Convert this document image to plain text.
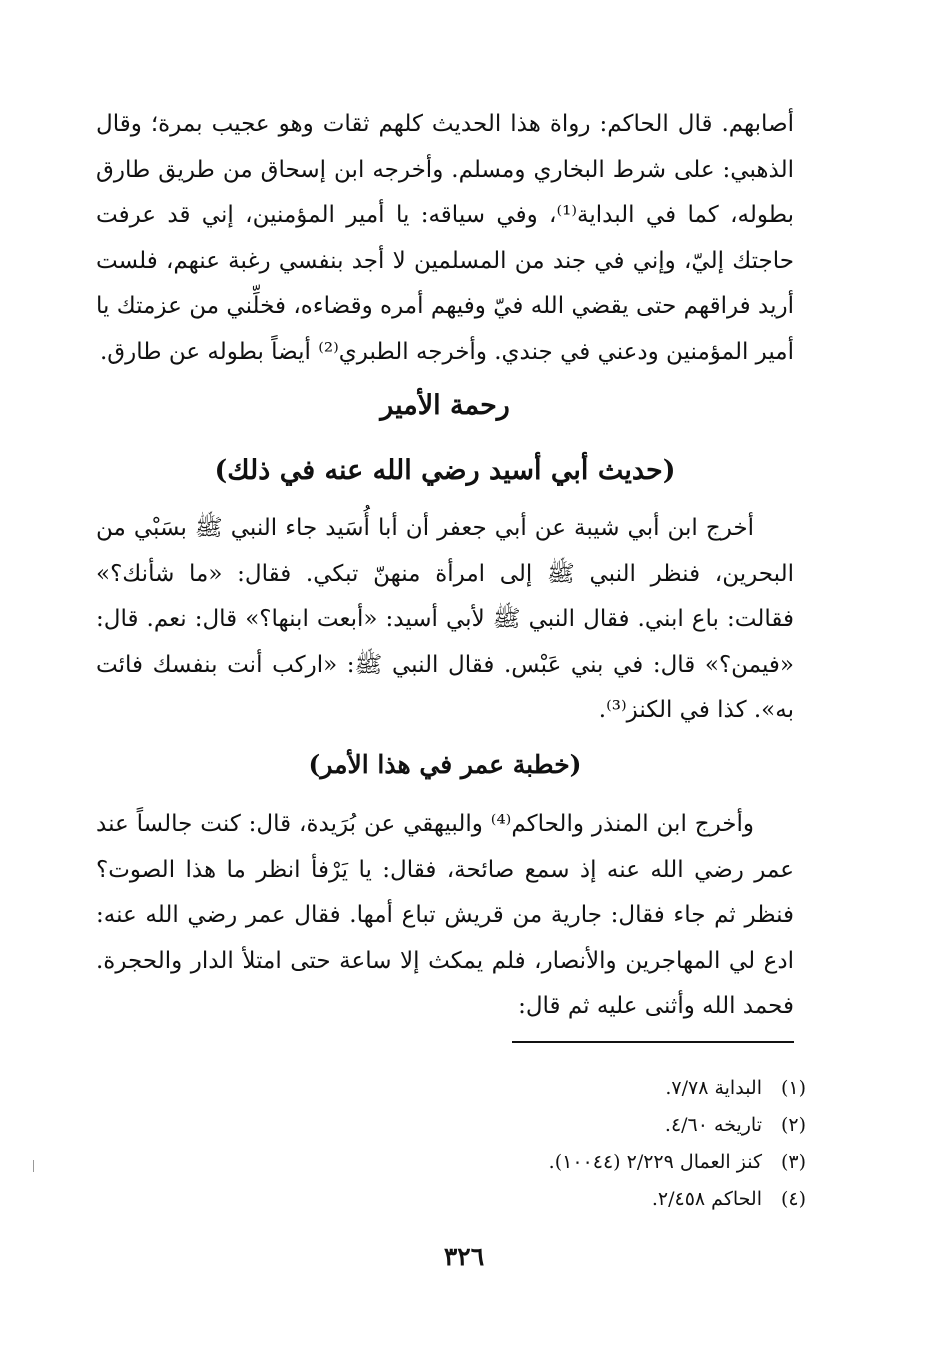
أصابهم. قال الحاكم: رواة هذا الحديث كلهم ثقات وهو عجيب بمرة؛ وقال الذهبي: على شرط البخاري ومسلم. وأخرجه ابن إسحاق من طريق طارق بطوله، كما في البداية⁽¹⁾، وفي سياقه: يا أمير المؤمنين، إني قد عرفت حاجتك إليّ، وإني في جند من المسلمين لا أجد بنفسي رغبة عنهم، فلست أريد فراقهم حتى يقضي الله فيّ وفيهم أمره وقضاءه، فخلِّني من عزمتك يا أمير المؤمنين ودعني في جندي. وأخرجه الطبري⁽²⁾ أيضاً بطوله عن طارق.

رحمة الأمير
(حديث أبي أسيد رضي الله عنه في ذلك)

أخرج ابن أبي شيبة عن أبي جعفر أن أبا أُسَيد جاء النبي ﷺ بسَبْي من البحرين، فنظر النبي ﷺ إلى امرأة منهنّ تبكي. فقال: «ما شأنك؟» فقالت: باع ابني. فقال النبي ﷺ لأبي أسيد: «أبعت ابنها؟» قال: نعم. قال: «فيمن؟» قال: في بني عَبْس. فقال النبي ﷺ: «اركب أنت بنفسك فائت به». كذا في الكنز⁽³⁾.

(خطبة عمر في هذا الأمر)

وأخرج ابن المنذر والحاكم⁽⁴⁾ والبيهقي عن بُرَيدة، قال: كنت جالساً عند عمر رضي الله عنه إذ سمع صائحة، فقال: يا يَرْفأ انظر ما هذا الصوت؟ فنظر ثم جاء فقال: جارية من قريش تباع أمها. فقال عمر رضي الله عنه: ادع لي المهاجرين والأنصار، فلم يمكث إلا ساعة حتى امتلأ الدار والحجرة. فحمد الله وأثنى عليه ثم قال:

(١)
البداية ٧/٧٨.
(٢)
تاريخه ٤/٦٠.
(٣)
كنز العمال ٢/٢٢٩ (١٠٠٤٤).
(٤)
الحاكم ٢/٤٥٨.
٣٢٦
